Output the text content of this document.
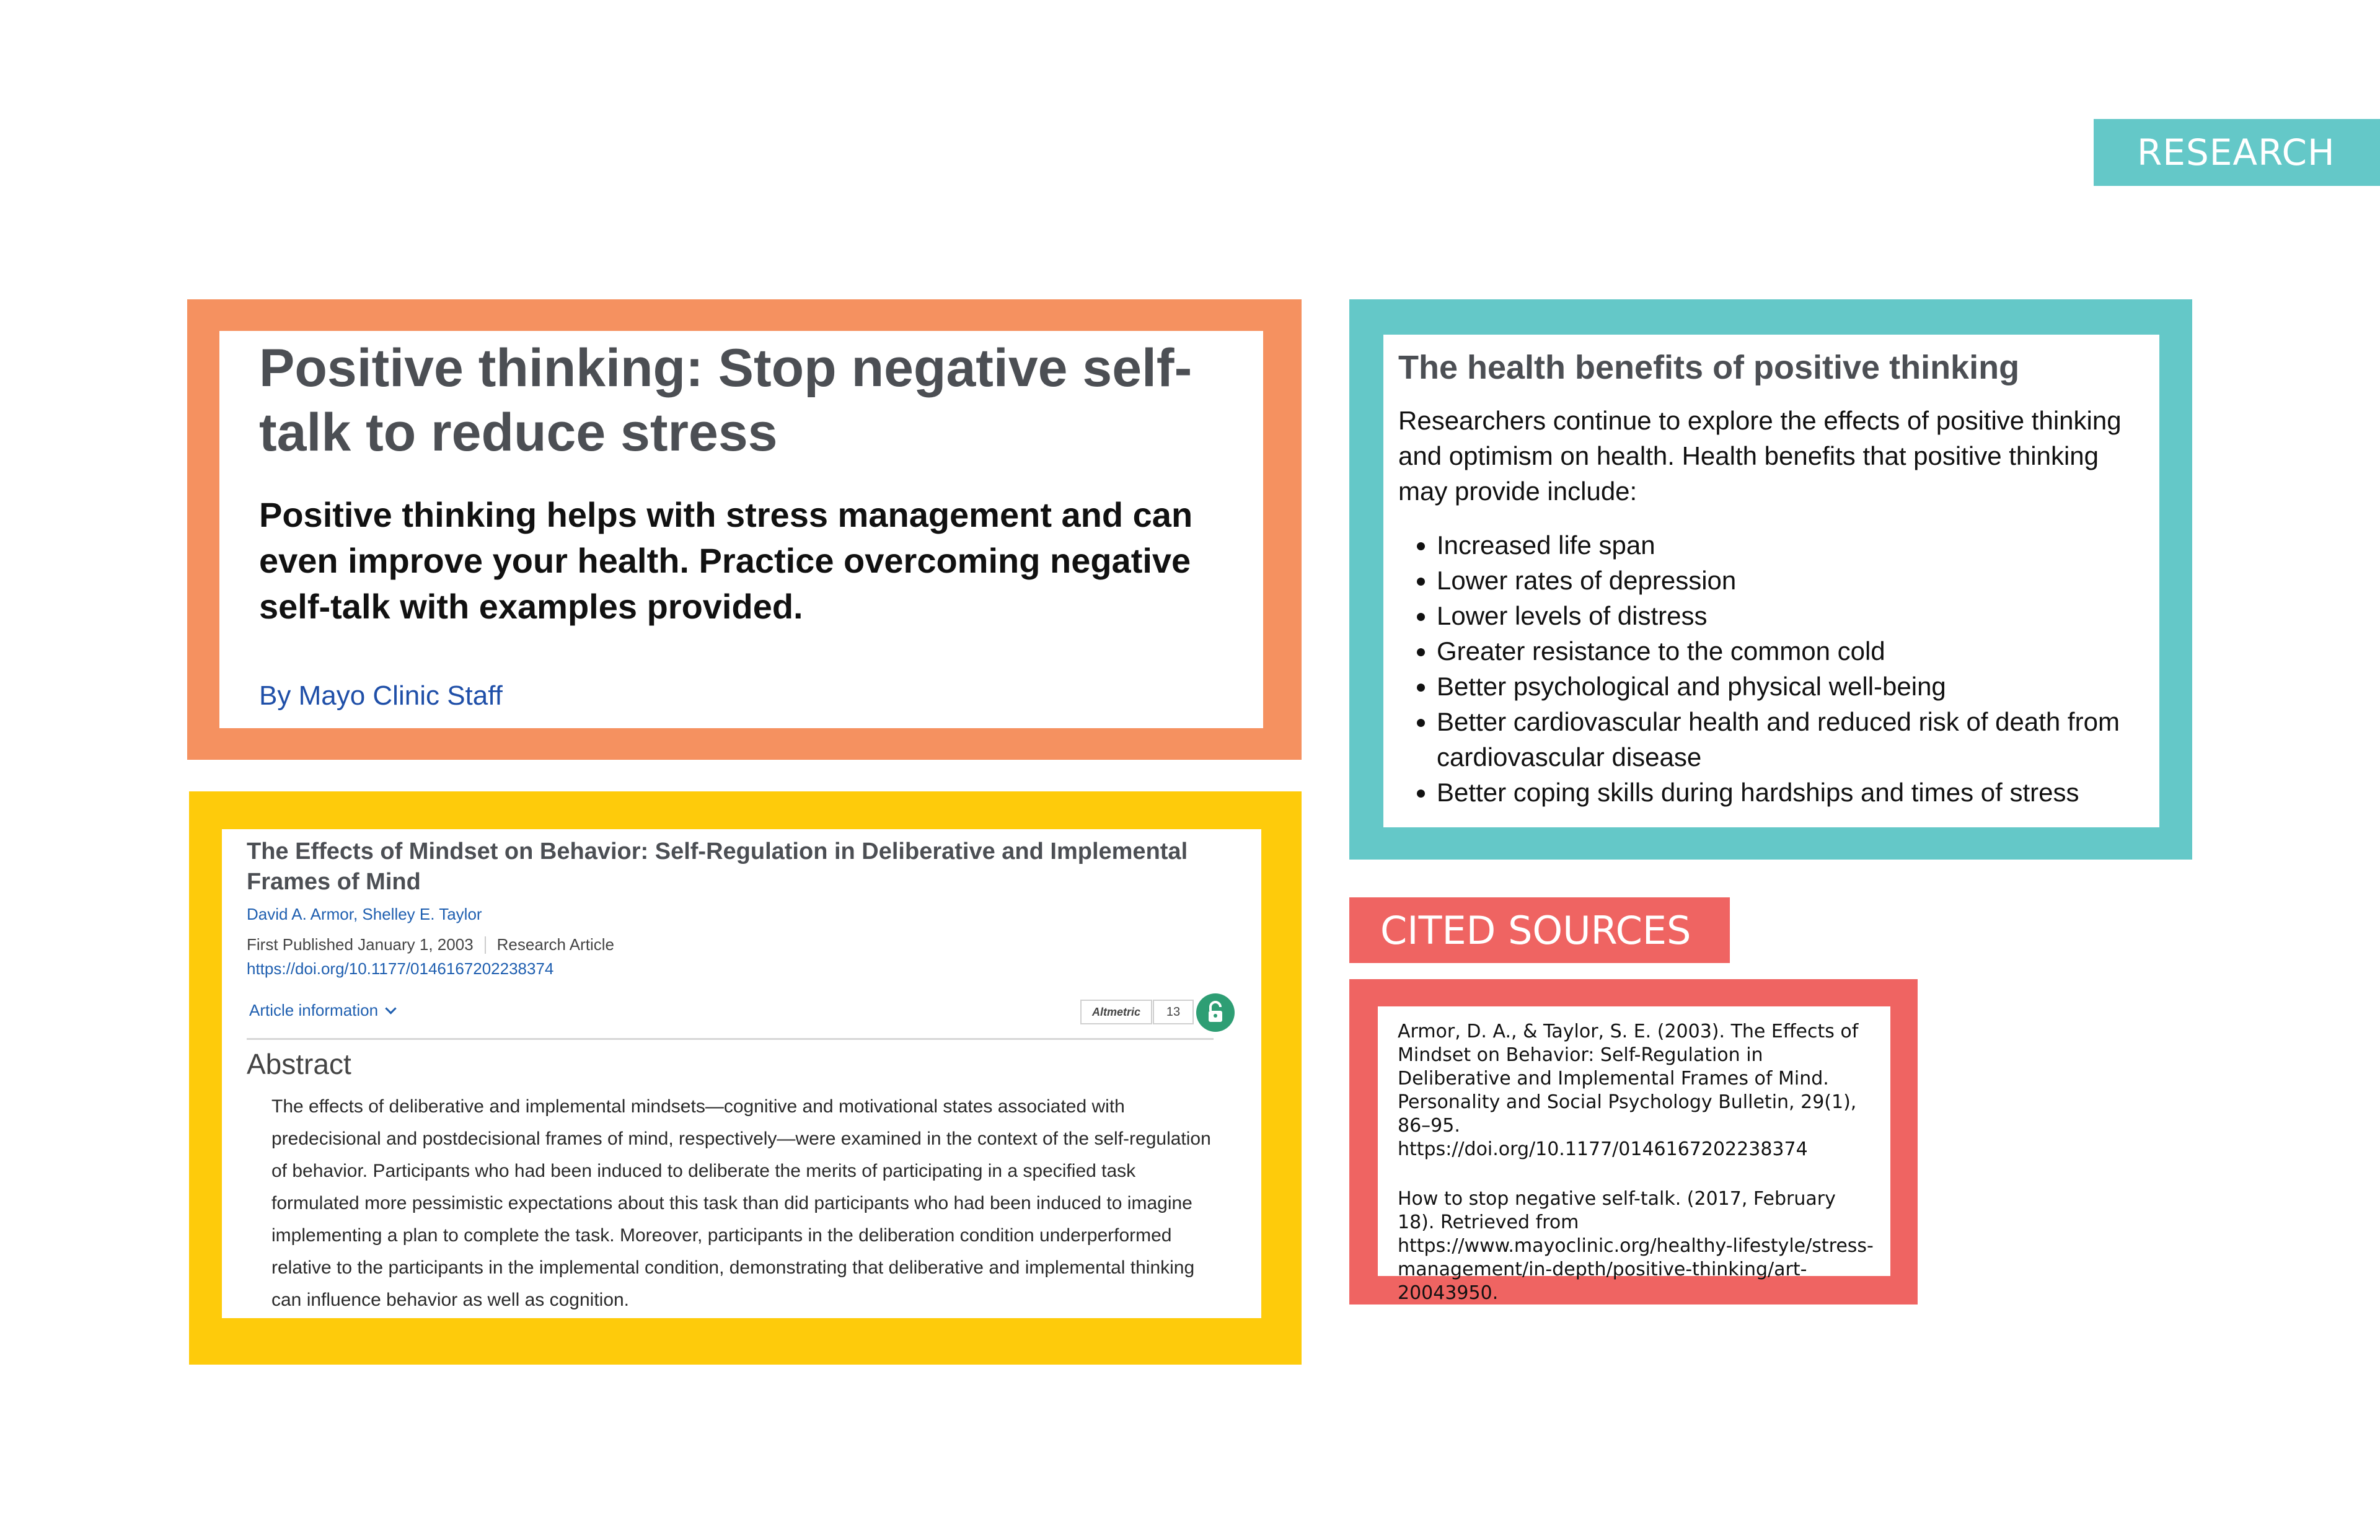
RESEARCH
Positive thinking: Stop negative self-talk to reduce stress

Positive thinking helps with stress management and can even improve your health. Practice overcoming negative self-talk with examples provided.

By Mayo Clinic Staff
The health benefits of positive thinking

Researchers continue to explore the effects of positive thinking and optimism on health. Health benefits that positive thinking may provide include:

• Increased life span
• Lower rates of depression
• Lower levels of distress
• Greater resistance to the common cold
• Better psychological and physical well-being
• Better cardiovascular health and reduced risk of death from cardiovascular disease
• Better coping skills during hardships and times of stress
The Effects of Mindset on Behavior: Self-Regulation in Deliberative and Implemental Frames of Mind
David A. Armor, Shelley E. Taylor
First Published January 1, 2003 Research Article
https://doi.org/10.1177/0146167202238374
Article information	Altmetric	13
Abstract

The effects of deliberative and implemental mindsets—cognitive and motivational states associated with predecisional and postdecisional frames of mind, respectively—were examined in the context of the self-regulation of behavior. Participants who had been induced to deliberate the merits of participating in a specified task formulated more pessimistic expectations about this task than did participants who had been induced to imagine implementing a plan to complete the task. Moreover, participants in the deliberation condition underperformed relative to the participants in the implemental condition, demonstrating that deliberative and implemental thinking can influence behavior as well as cognition.

CITED SOURCES

Armor, D. A., & Taylor, S. E. (2003). The Effects of Mindset on Behavior: Self-Regulation in Deliberative and Implemental Frames of Mind. Personality and Social Psychology Bulletin, 29(1), 86–95. https://doi.org/10.1177/0146167202238374

How to stop negative self-talk. (2017, February 18). Retrieved from https://www.mayoclinic.org/healthy-lifestyle/stress-management/in-depth/positive-thinking/art-20043950.
